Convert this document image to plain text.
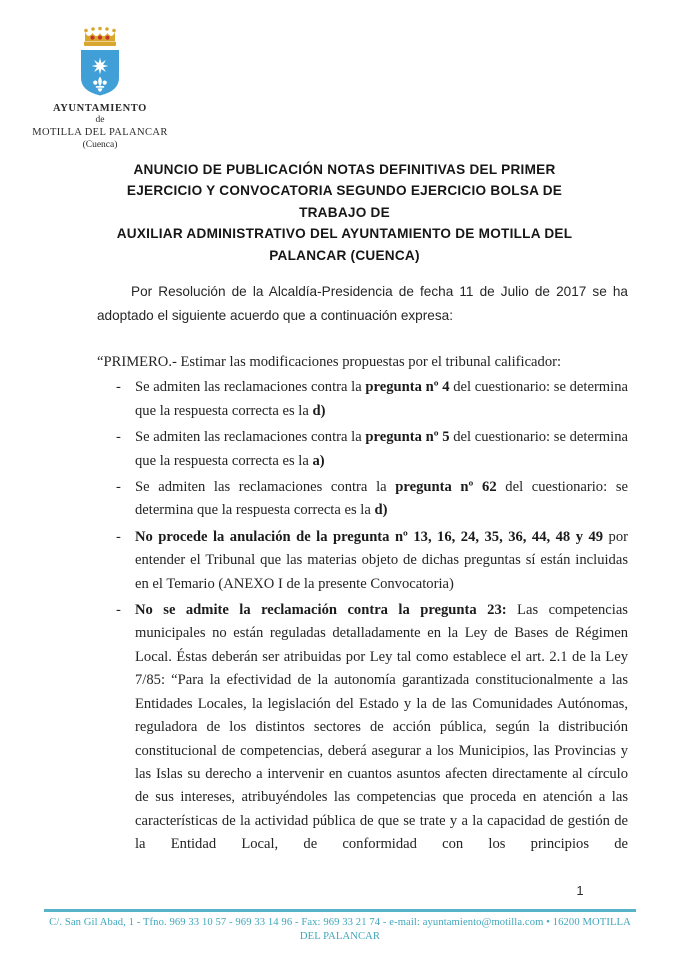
AYUNTAMIENTO
de
MOTILLA DEL PALANCAR
(Cuenca)
ANUNCIO DE PUBLICACIÓN NOTAS DEFINITIVAS DEL PRIMER
EJERCICIO Y CONVOCATORIA SEGUNDO EJERCICIO BOLSA DE TRABAJO DE
AUXILIAR ADMINISTRATIVO DEL AYUNTAMIENTO DE MOTILLA DEL
PALANCAR (CUENCA)

Por Resolución de la Alcaldía-Presidencia de fecha 11 de Julio de 2017 se ha adoptado el siguiente acuerdo que a continuación expresa:

“PRIMERO.- Estimar las modificaciones propuestas por el tribunal calificador:

- Se admiten las reclamaciones contra la pregunta nº 4 del cuestionario: se determina que la respuesta correcta es la d)
- Se admiten las reclamaciones contra la pregunta nº 5 del cuestionario: se determina que la respuesta correcta es la a)
- Se admiten las reclamaciones contra la pregunta nº 62 del cuestionario: se determina que la respuesta correcta es la d)
- No procede la anulación de la pregunta nº 13, 16, 24, 35, 36, 44, 48 y 49 por entender el Tribunal que las materias objeto de dichas preguntas sí están incluidas en el Temario (ANEXO I de la presente Convocatoria)
- No se admite la reclamación contra la pregunta 23: Las competencias municipales no están reguladas detalladamente en la Ley de Bases de Régimen Local. Éstas deberán ser atribuidas por Ley tal como establece el art. 2.1 de la Ley 7/85: “Para la efectividad de la autonomía garantizada constitucionalmente a las Entidades Locales, la legislación del Estado y la de las Comunidades Autónomas, reguladora de los distintos sectores de acción pública, según la distribución constitucional de competencias, deberá asegurar a los Municipios, las Provincias y las Islas su derecho a intervenir en cuantos asuntos afecten directamente al círculo de sus intereses, atribuyéndoles las competencias que proceda en atención a las características de la actividad pública de que se trate y a la capacidad de gestión de la Entidad Local, de conformidad con los principios de
1
C/. San Gil Abad, 1 - Tfno. 969 33 10 57 - 969 33 14 96 - Fax: 969 33 21 74 - e-mail: ayuntamiento@motilla.com • 16200 MOTILLA DEL PALANCAR
